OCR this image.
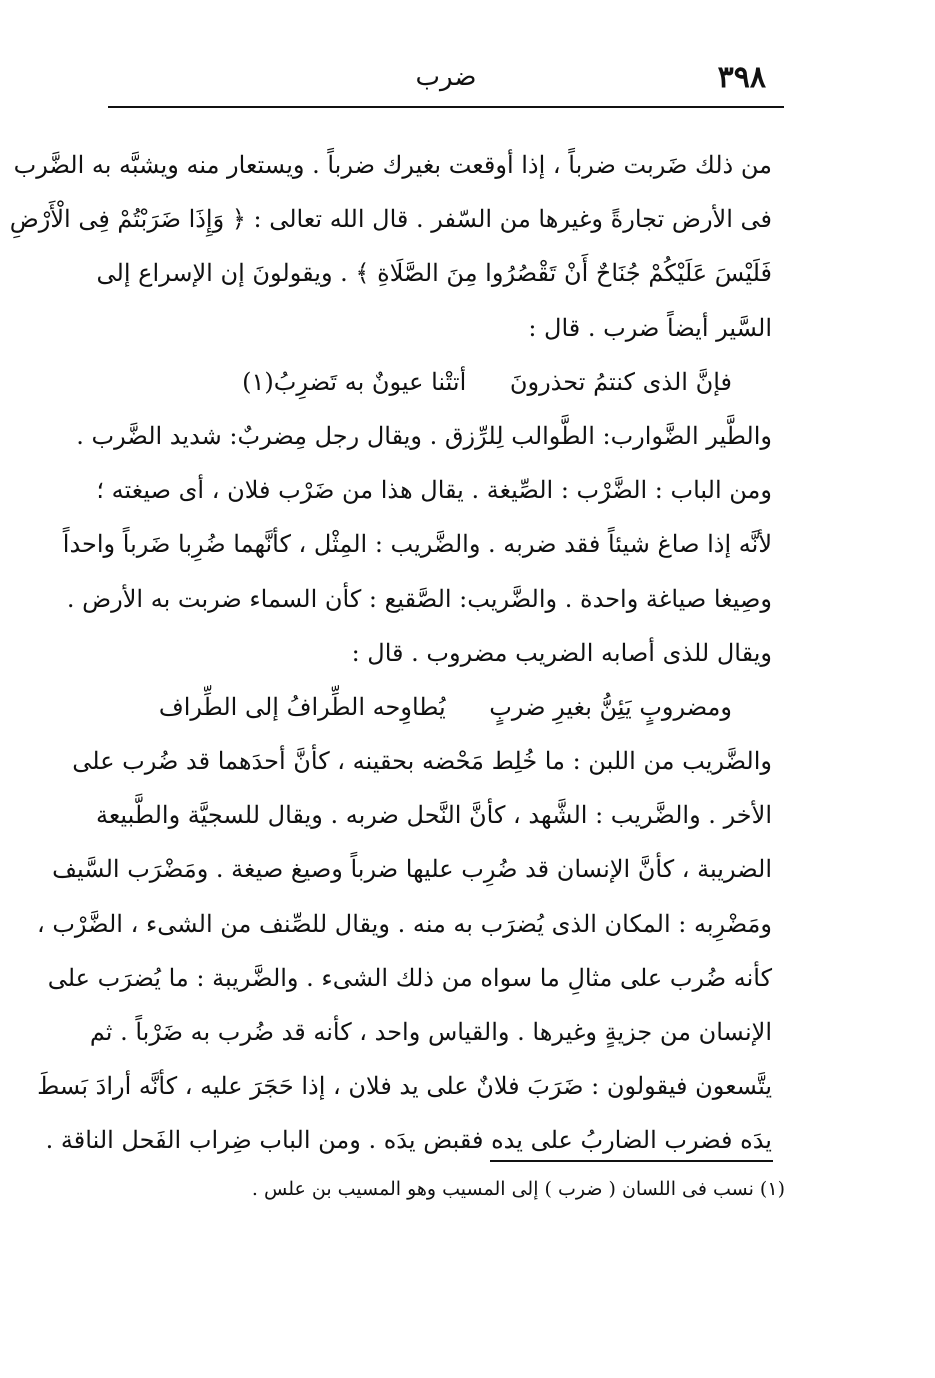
٣٩٨
ضرب
من ذلك ضَربت ضرباً ، إذا أوقعت بغيرك ضرباً . ويستعار منه ويشبَّه به الضَّرب
فى الأرض تجارةً وغيرها من السّفر . قال الله تعالى : ﴿ وَإِذَا ضَرَبْتُمْ فِى الْأَرْضِ
فَلَيْسَ عَلَيْكُمْ جُنَاحٌ أَنْ تَقْصُرُوا مِنَ الصَّلَاةِ ﴾ . ويقولونَ إن الإسراع إلى
السَّير أيضاً ضرب . قال :
فإنَّ الذى كنتمُ تحذرونَ أتتْنا عيونٌ به تَضرِبُ(١)
والطَّير الضَّوارب: الطَّوالب لِلرِّزق . ويقال رجل مِضربٌ: شديد الضَّرب .
ومن الباب : الضَّرْب : الصِّيغة . يقال هذا من ضَرْب فلان ، أى صيغته ؛
لأنَّه إذا صاغ شيئاً فقد ضربه . والضَّريب : المِثْل ، كأنَّهما ضُرِبا ضَرباً واحداً
وصِيغا صياغة واحدة . والضَّريب: الصَّقيع : كأن السماء ضربت به الأرض .
ويقال للذى أصابه الضريب مضروب . قال :
ومضروبٍ يَئِنُّ بغيرِ ضربٍ يُطاوِحه الطِّرافُ إلى الطِّراف
والضَّريب من اللبن : ما خُلِط مَحْضه بحقينه ، كأنَّ أحدَهما قد ضُرب على
الأخر . والضَّريب : الشَّهد ، كأنَّ النَّحل ضربه . ويقال للسجيَّة والطَّبيعة
الضريبة ، كأنَّ الإنسان قد ضُرِب عليها ضرباً وصيغ صيغة . ومَضْرَب السَّيف
ومَضْرِبه : المكان الذى يُضرَب به منه . ويقال للصِّنف من الشىء ، الضَّرْب ،
كأنه ضُرب على مثالِ ما سواه من ذلك الشىء . والضَّريبة : ما يُضرَب على
الإنسان من جزيةٍ وغيرها . والقياس واحد ، كأنه قد ضُرب به ضَرْباً . ثم
يتَّسعون فيقولون : ضَرَبَ فلانٌ على يد فلان ، إذا حَجَرَ عليه ، كأنَّه أرادَ بَسطَ
يدَه فضرب الضاربُ على يده فقبض يدَه . ومن الباب ضِراب الفَحل الناقة .
(١) نسب فى اللسان ( ضرب ) إلى المسيب وهو المسيب بن علس .
